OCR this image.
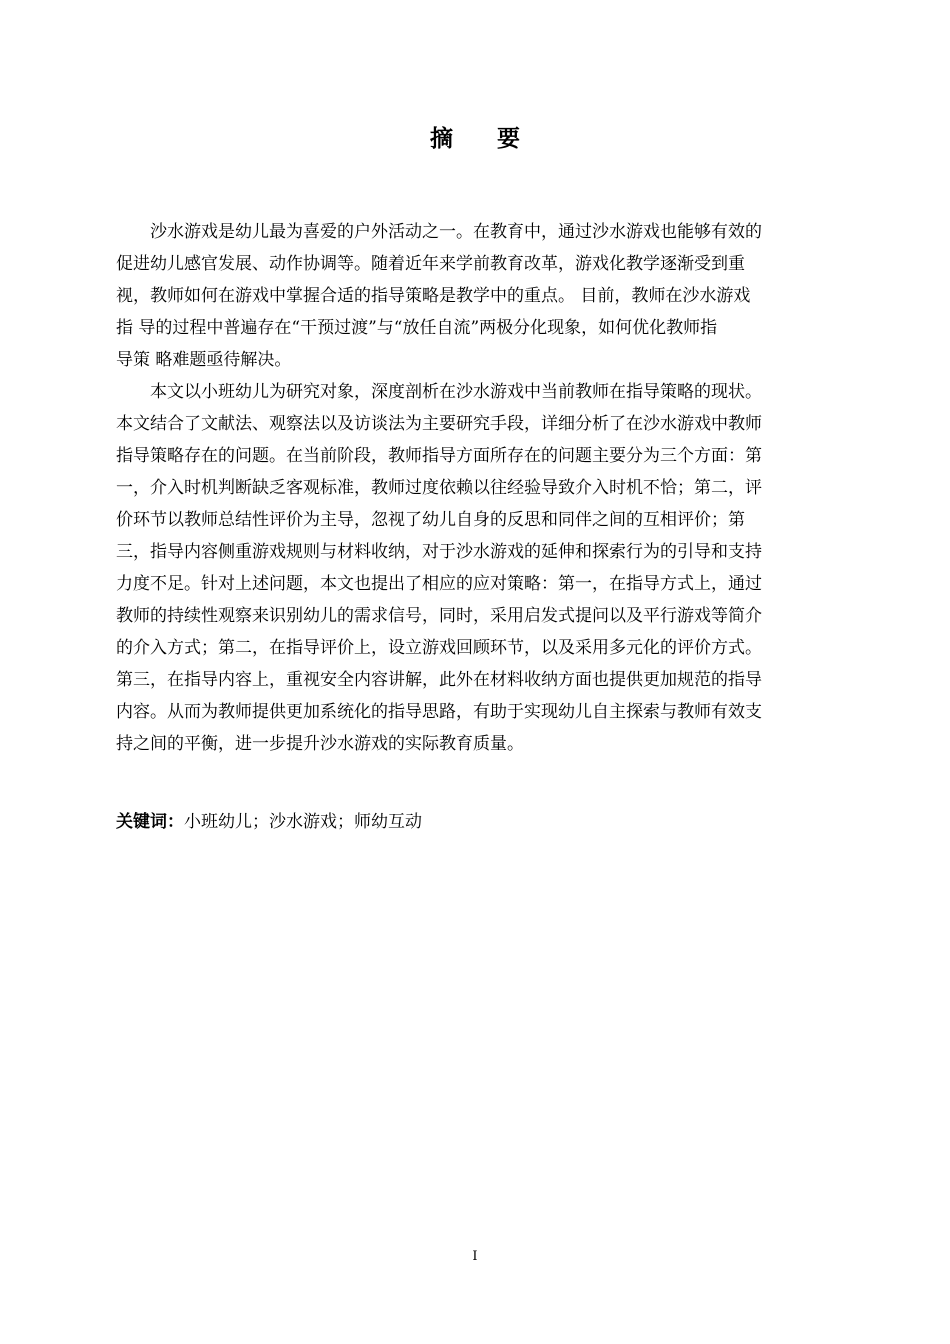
摘 要
沙水游戏是幼儿最为喜爱的户外活动之一。在教育中，通过沙水游戏也能够有效的
促进幼儿感官发展、动作协调等。随着近年来学前教育改革，游戏化教学逐渐受到重
视，教师如何在游戏中掌握合适的指导策略是教学中的重点。 目前，教师在沙水游戏
指 导的过程中普遍存在“干预过渡”与“放任自流”两极分化现象，如何优化教师指
导策 略难题亟待解决。
本文以小班幼儿为研究对象，深度剖析在沙水游戏中当前教师在指导策略的现状。
本文结合了文献法、观察法以及访谈法为主要研究手段，详细分析了在沙水游戏中教师
指导策略存在的问题。在当前阶段，教师指导方面所存在的问题主要分为三个方面：第
一，介入时机判断缺乏客观标准，教师过度依赖以往经验导致介入时机不恰；第二，评
价环节以教师总结性评价为主导，忽视了幼儿自身的反思和同伴之间的互相评价；第
三，指导内容侧重游戏规则与材料收纳，对于沙水游戏的延伸和探索行为的引导和支持
力度不足。针对上述问题，本文也提出了相应的应对策略：第一，在指导方式上，通过
教师的持续性观察来识别幼儿的需求信号，同时，采用启发式提问以及平行游戏等简介
的介入方式；第二，在指导评价上，设立游戏回顾环节，以及采用多元化的评价方式。
第三，在指导内容上，重视安全内容讲解，此外在材料收纳方面也提供更加规范的指导
内容。从而为教师提供更加系统化的指导思路，有助于实现幼儿自主探索与教师有效支
持之间的平衡，进一步提升沙水游戏的实际教育质量。
关键词：小班幼儿；沙水游戏；师幼互动
I
